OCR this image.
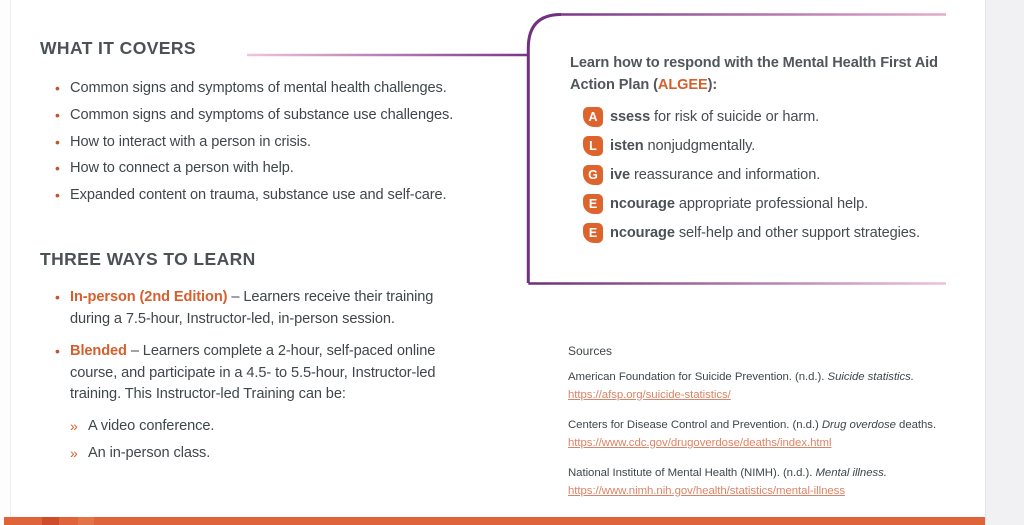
WHAT IT COVERS
• Common signs and symptoms of mental health challenges.
• Common signs and symptoms of substance use challenges.
• How to interact with a person in crisis.
• How to connect a person with help.
• Expanded content on trauma, substance use and self-care.
THREE WAYS TO LEARN
• In-person (2nd Edition) – Learners receive their training during a 7.5-hour, Instructor-led, in-person session.
• Blended – Learners complete a 2-hour, self-paced online course, and participate in a 4.5- to 5.5-hour, Instructor-led training. This Instructor-led Training can be:
» A video conference.
» An in-person class.
Learn how to respond with the Mental Health First Aid Action Plan (ALGEE):
A ssess for risk of suicide or harm.
L isten nonjudgmentally.
G ive reassurance and information.
E ncourage appropriate professional help.
E ncourage self-help and other support strategies.

Sources

American Foundation for Suicide Prevention. (n.d.). Suicide statistics. https://afsp.org/suicide-statistics/
Centers for Disease Control and Prevention. (n.d.) Drug overdose deaths. https://www.cdc.gov/drugoverdose/deaths/index.html
National Institute of Mental Health (NIMH). (n.d.). Mental illness. https://www.nimh.nih.gov/health/statistics/mental-illness
